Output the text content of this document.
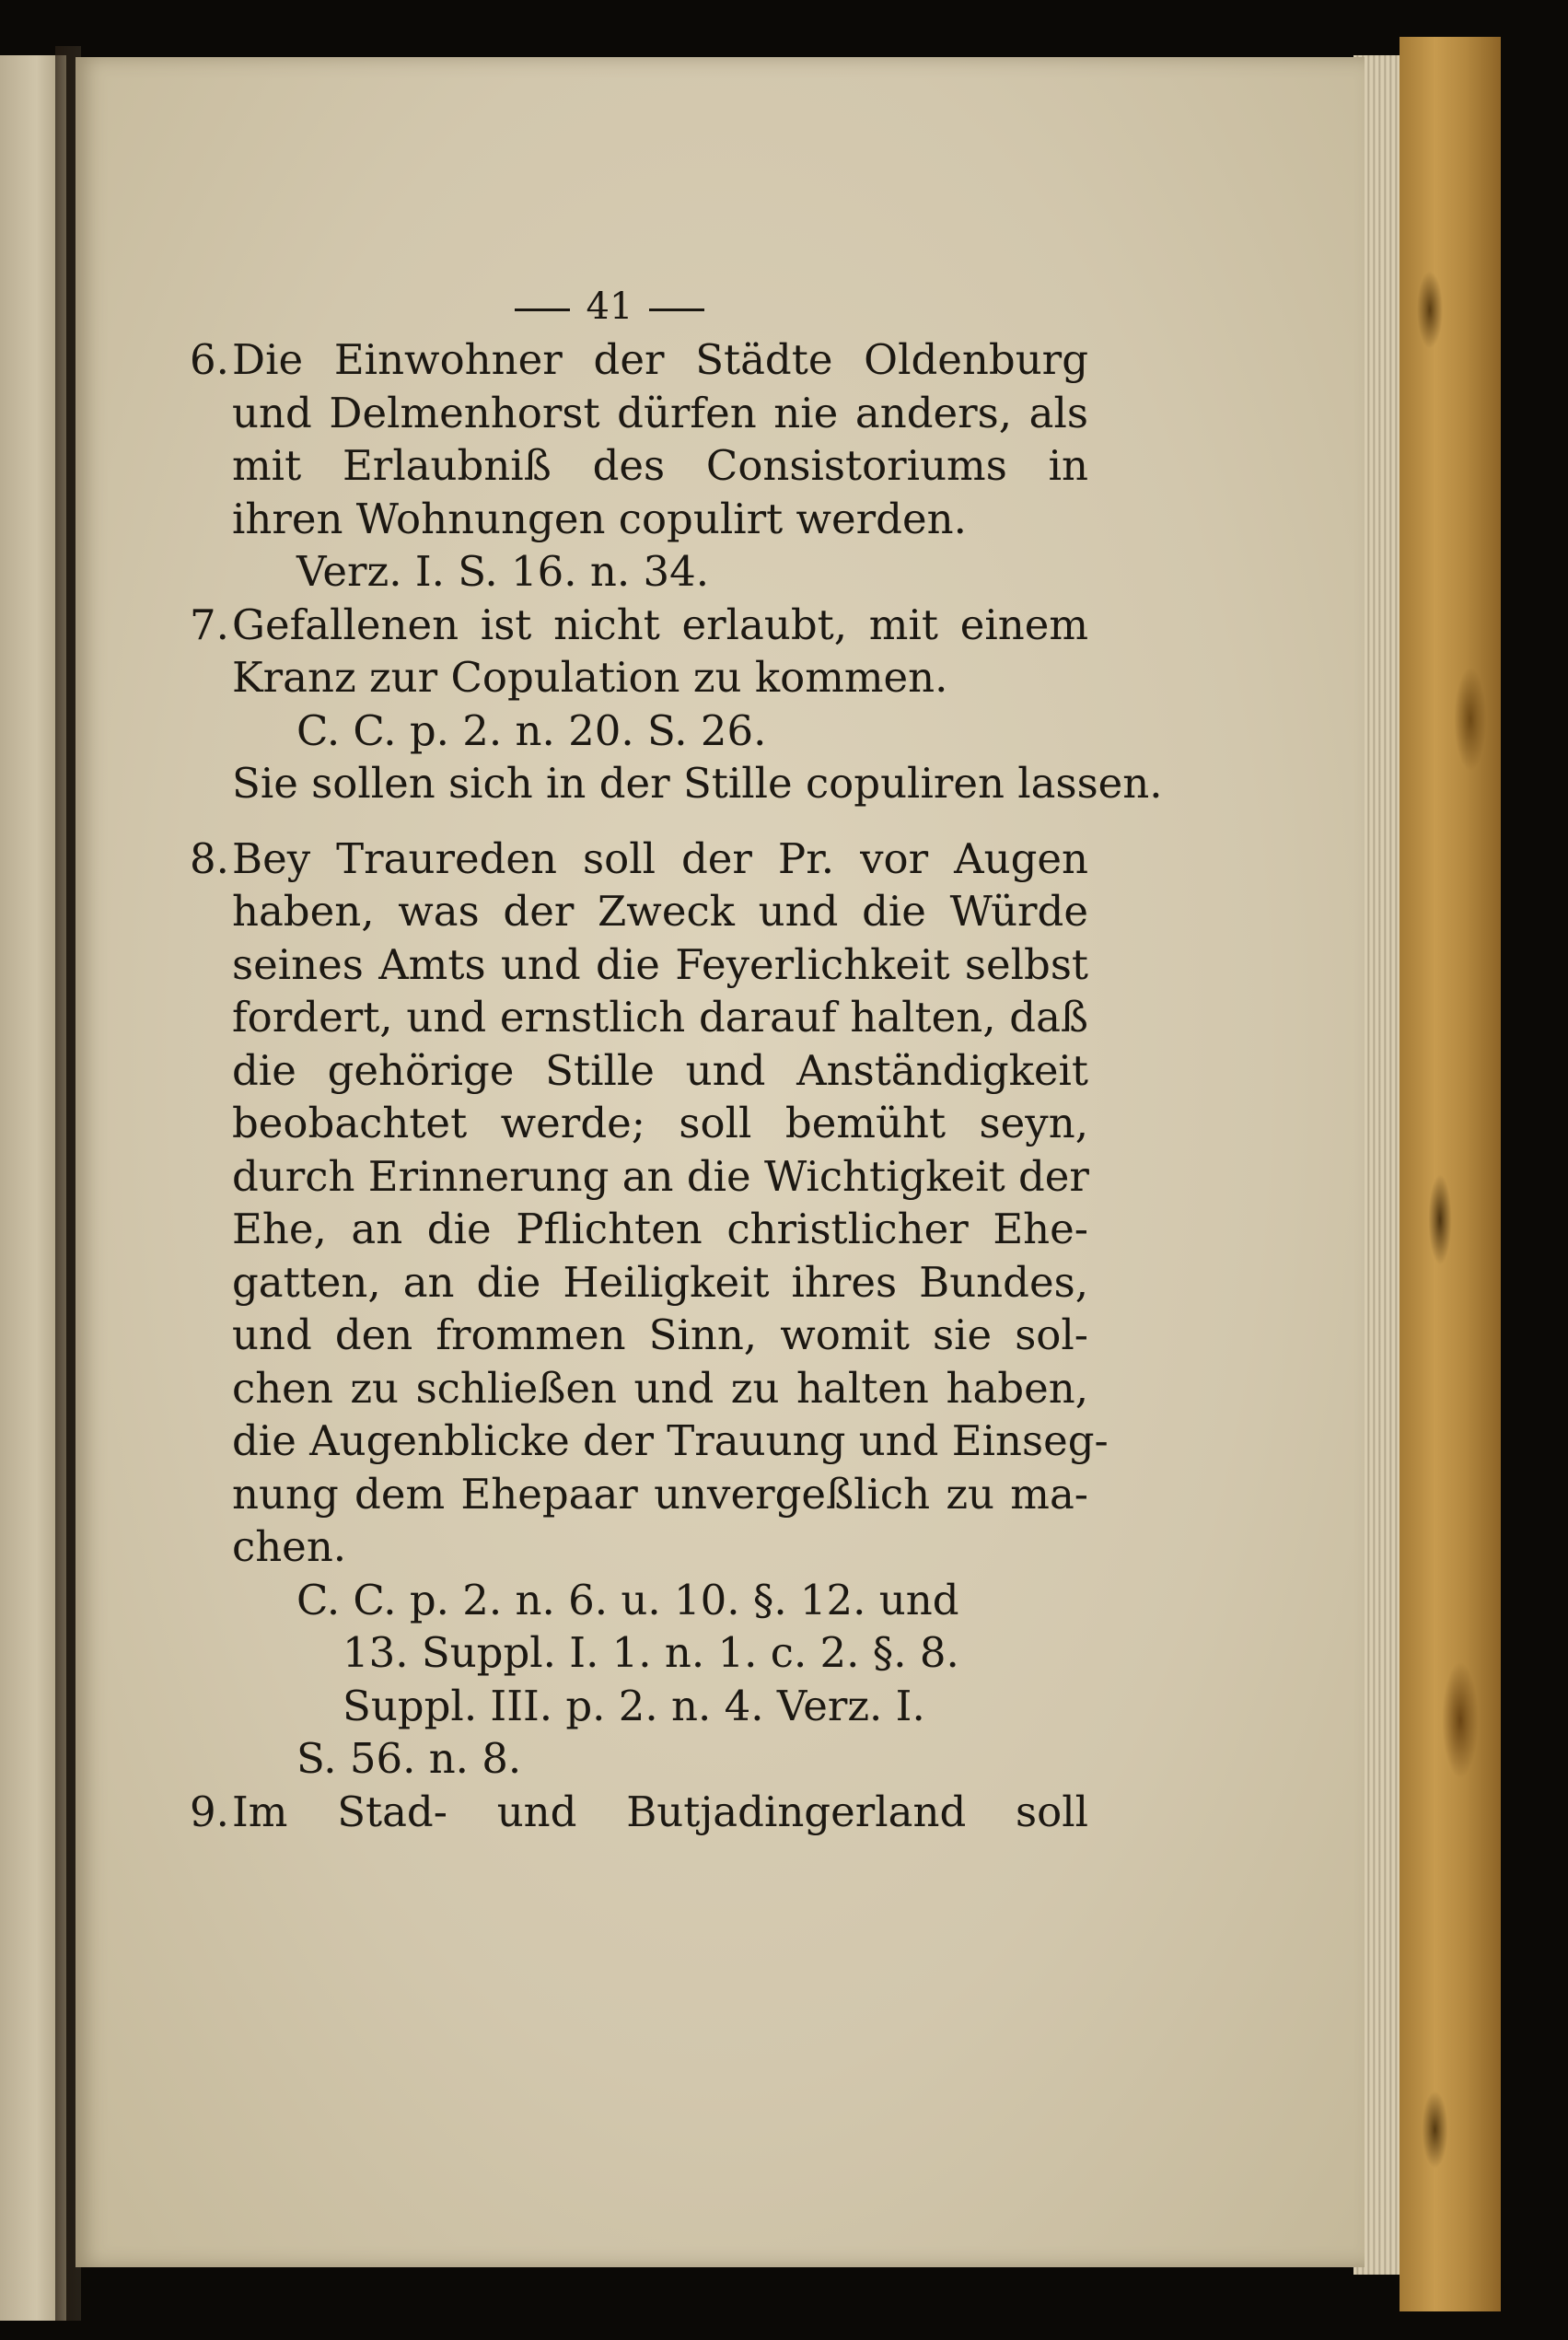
41
6. Die Einwohner der Städte Oldenburg
und Delmenhorst dürfen nie anders, als
mit Erlaubniß des Consistoriums in
ihren Wohnungen copulirt werden.
Verz. I. S. 16. n. 34.
7. Gefallenen ist nicht erlaubt, mit einem
Kranz zur Copulation zu kommen.
C. C. p. 2. n. 20. S. 26.
Sie sollen sich in der Stille copuliren lassen.
8. Bey Traureden soll der Pr. vor Augen
haben, was der Zweck und die Würde
seines Amts und die Feyerlichkeit selbst
fordert, und ernstlich darauf halten, daß
die gehörige Stille und Anständigkeit
beobachtet werde; soll bemüht seyn,
durch Erinnerung an die Wichtigkeit der
Ehe, an die Pflichten christlicher Ehe-
gatten, an die Heiligkeit ihres Bundes,
und den frommen Sinn, womit sie sol-
chen zu schließen und zu halten haben,
die Augenblicke der Trauung und Einseg-
nung dem Ehepaar unvergeßlich zu ma-
chen.
C. C. p. 2. n. 6. u. 10. §. 12. und
13. Suppl. I. 1. n. 1. c. 2. §. 8.
Suppl. III. p. 2. n. 4. Verz. I.
S. 56. n. 8.
9. Im Stad- und Butjadingerland soll
